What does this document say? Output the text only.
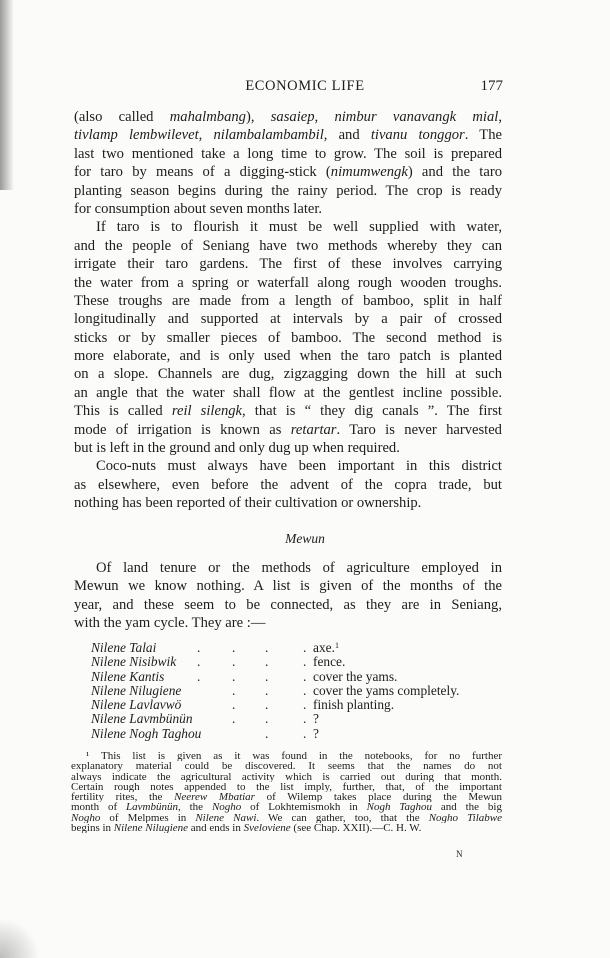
ECONOMIC LIFE	177
(also called mahalmbang), sasaiep, nimbur vanavangk mial,
tivlamp lembwilevet, nilambalambambil, and tivanu tonggor. The
last two mentioned take a long time to grow. The soil is prepared
for taro by means of a digging-stick (nimumwengk) and the taro
planting season begins during the rainy period. The crop is ready
for consumption about seven months later.
If taro is to flourish it must be well supplied with water,
and the people of Seniang have two methods whereby they can
irrigate their taro gardens. The first of these involves carrying
the water from a spring or waterfall along rough wooden troughs.
These troughs are made from a length of bamboo, split in half
longitudinally and supported at intervals by a pair of crossed
sticks or by smaller pieces of bamboo. The second method is
more elaborate, and is only used when the taro patch is planted
on a slope. Channels are dug, zigzagging down the hill at such
an angle that the water shall flow at the gentlest incline possible.
This is called reil silengk, that is “ they dig canals ”. The first
mode of irrigation is known as retartar. Taro is never harvested
but is left in the ground and only dug up when required.
Coco-nuts must always have been important in this district
as elsewhere, even before the advent of the copra trade, but
nothing has been reported of their cultivation or ownership.
Mewun
Of land tenure or the methods of agriculture employed in
Mewun we know nothing. A list is given of the months of the
year, and these seem to be connected, as they are in Seniang,
with the yam cycle. They are :—
Nilene Talai	. . .	. axe.$^1$
Nilene Nisibwik . . .	. fence.
Nilene Kantis . . .	. cover the yams.
Nilene Nilugiene	. .	. cover the yams completely.
Nilene Lavlavwö	. .	. finish planting.
Nilene Lavmbünün	. .	. ?
Nilene Nogh Taghou	.	. ?
¹ This list is given as it was found in the notebooks, for no further
explanatory material could be discovered. It seems that the names do not
always indicate the agricultural activity which is carried out during that month.
Certain rough notes appended to the list imply, further, that, of the important
fertility rites, the Neerew Mbatiar of Wilemp takes place during the Mewun
month of Lavmbünün, the Nogho of Lokhtemismokh in Nogh Taghou and the big
Nogho of Melpmes in Nilene Nawi. We can gather, too, that the Nogho Tilabwe
begins in Nilene Nilugiene and ends in Sveloviene (see Chap. XXII).—C. H. W.
N
